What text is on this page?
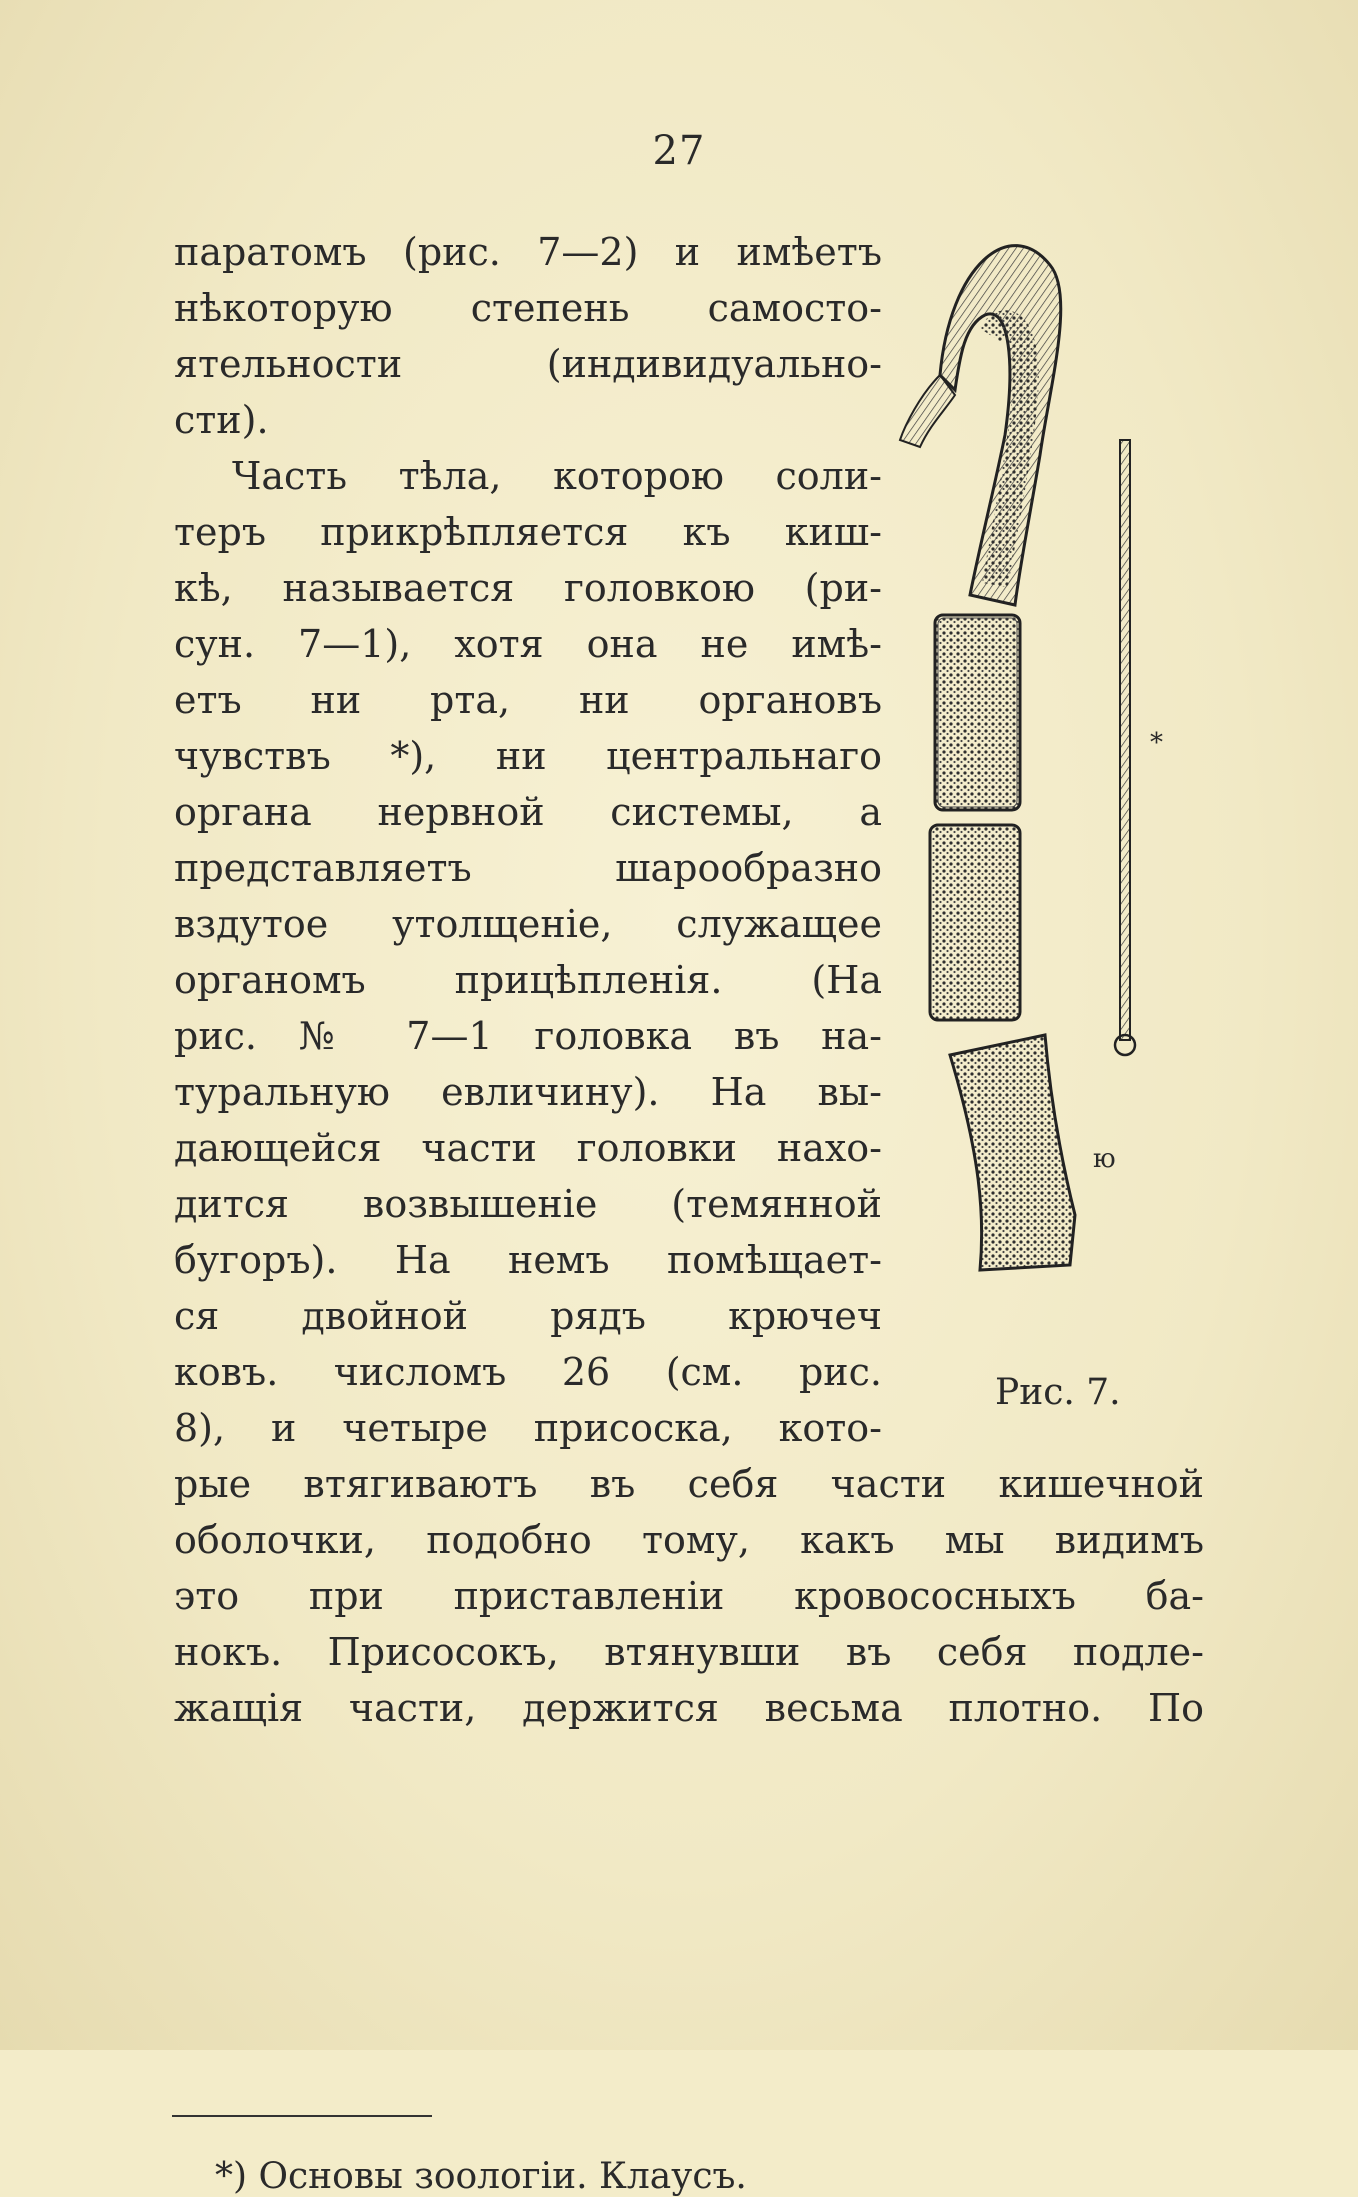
27
паратомъ (рис. 7—2) и имѣетъ
нѣкоторую степень самосто-
ятельности (индивидуально-
сти).
Часть тѣла, которою соли-
теръ прикрѣпляется къ киш-
кѣ, называется головкою (ри-
сун. 7—1), хотя она не имѣ-
етъ ни рта, ни органовъ
чувствъ *), ни центральнаго
органа нервной системы, а
представляетъ шарообразно
вздутое утолщеніе, служащее
органомъ прицѣпленія. (На
рис. № 7—1 головка въ на-
туральную евличину). На вы-
дающейся части головки нахо-
дится возвышеніе (темянной
бугоръ). На немъ помѣщает-
ся двойной рядъ крючеч
ковъ. числомъ 26 (см. рис.
8), и четыре присоска, кото-
рые втягиваютъ въ себя части кишечной
оболочки, подобно тому, какъ мы видимъ
это при приставленіи кровососныхъ ба-
нокъ. Присосокъ, втянувши въ себя подле-
жащія части, держится весьма плотно. По
ю
*
Рис. 7.
*) Основы зоологіи. Клаусъ.
